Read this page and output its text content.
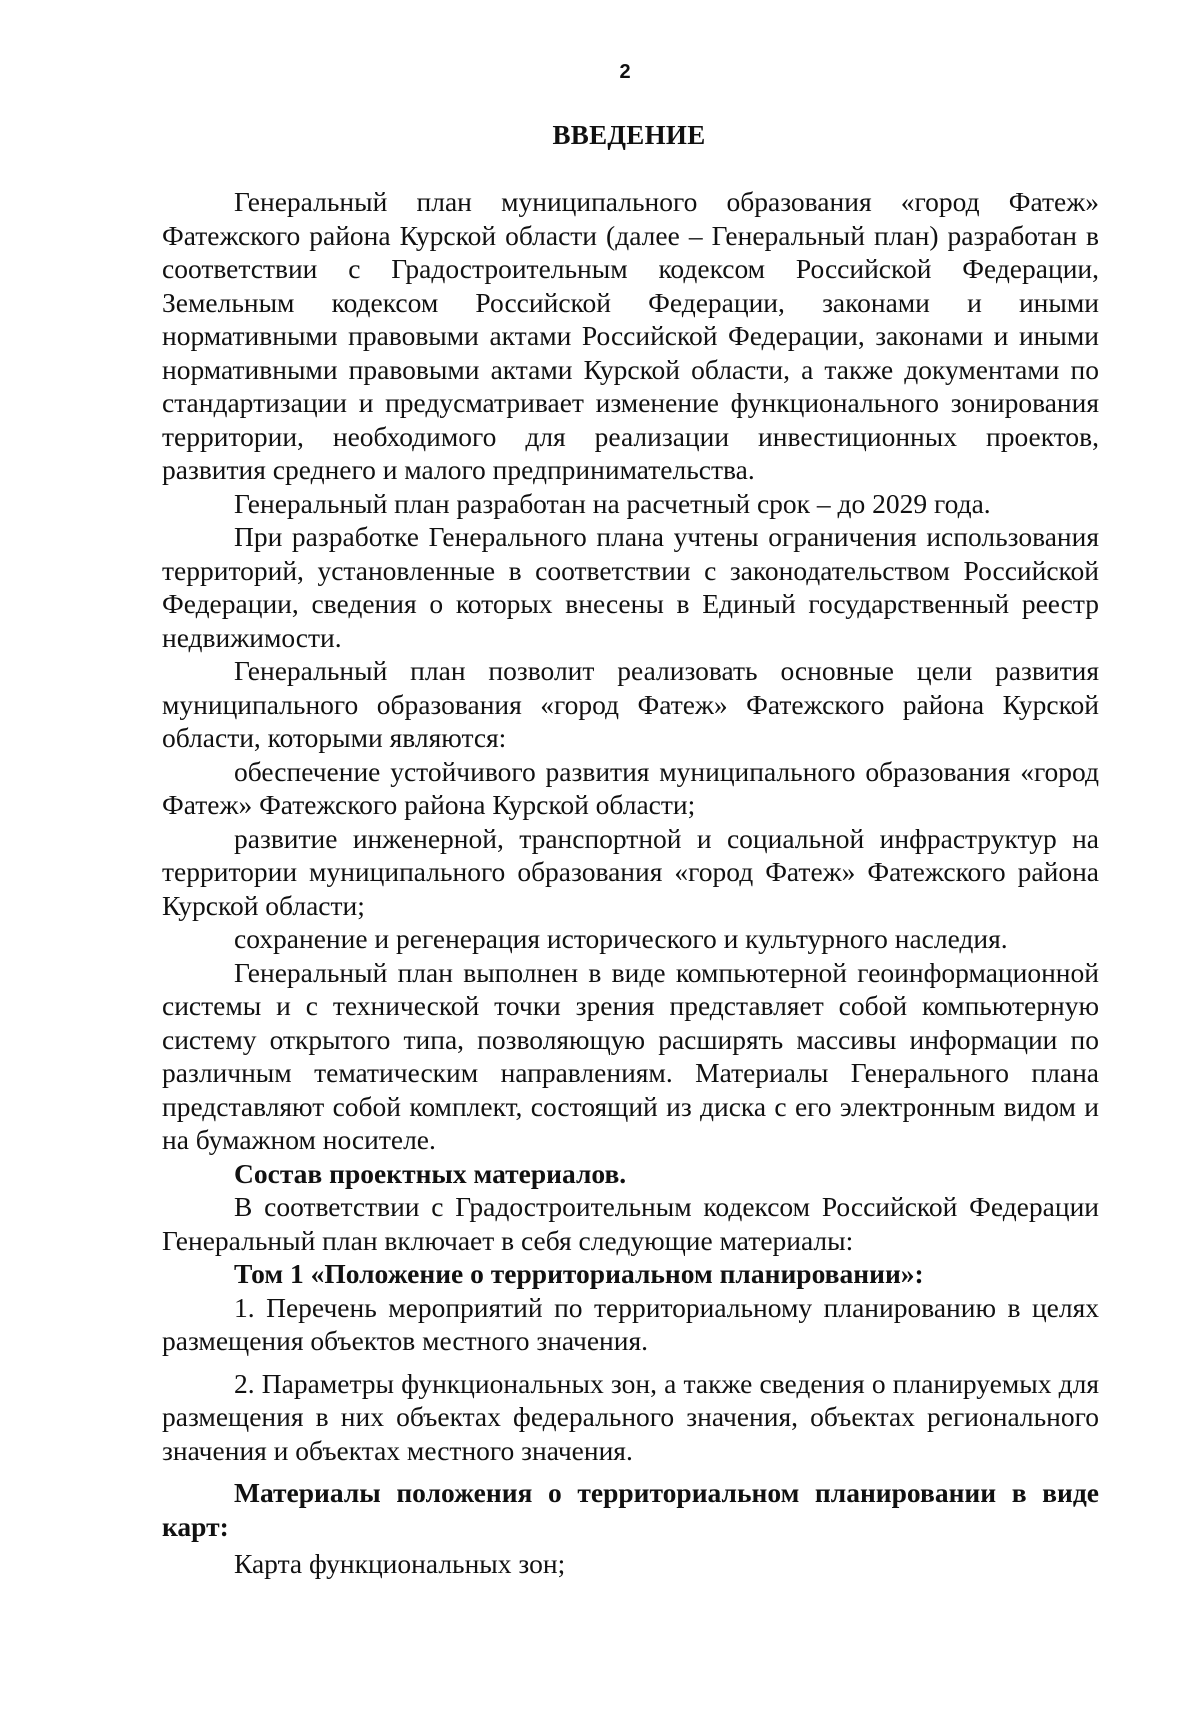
2
ВВЕДЕНИЕ

Генеральный план муниципального образования «город Фатеж» Фатежского района Курской области (далее – Генеральный план) разработан в соответствии с Градостроительным кодексом Российской Федерации, Земельным кодексом Российской Федерации, законами и иными нормативными правовыми актами Российской Федерации, законами и иными нормативными правовыми актами Курской области, а также документами по стандартизации и предусматривает изменение функционального зонирования территории, необходимого для реализации инвестиционных проектов, развития среднего и малого предпринимательства.

Генеральный план разработан на расчетный срок – до 2029 года.

При разработке Генерального плана учтены ограничения использования территорий, установленные в соответствии с законодательством Российской Федерации, сведения о которых внесены в Единый государственный реестр недвижимости.

Генеральный план позволит реализовать основные цели развития муниципального образования «город Фатеж» Фатежского района Курской области, которыми являются:

обеспечение устойчивого развития муниципального образования «город Фатеж» Фатежского района Курской области;

развитие инженерной, транспортной и социальной инфраструктур на территории муниципального образования «город Фатеж» Фатежского района Курской области;

сохранение и регенерация исторического и культурного наследия.

Генеральный план выполнен в виде компьютерной геоинформационной системы и с технической точки зрения представляет собой компьютерную систему открытого типа, позволяющую расширять массивы информации по различным тематическим направлениям. Материалы Генерального плана представляют собой комплект, состоящий из диска с его электронным видом и на бумажном носителе.

Состав проектных материалов.

В соответствии с Градостроительным кодексом Российской Федерации Генеральный план включает в себя следующие материалы:

Том 1 «Положение о территориальном планировании»:

1. Перечень мероприятий по территориальному планированию в целях размещения объектов местного значения.

2. Параметры функциональных зон, а также сведения о планируемых для размещения в них объектах федерального значения, объектах регионального значения и объектах местного значения.

Материалы положения о территориальном планировании в виде карт:

Карта функциональных зон;
